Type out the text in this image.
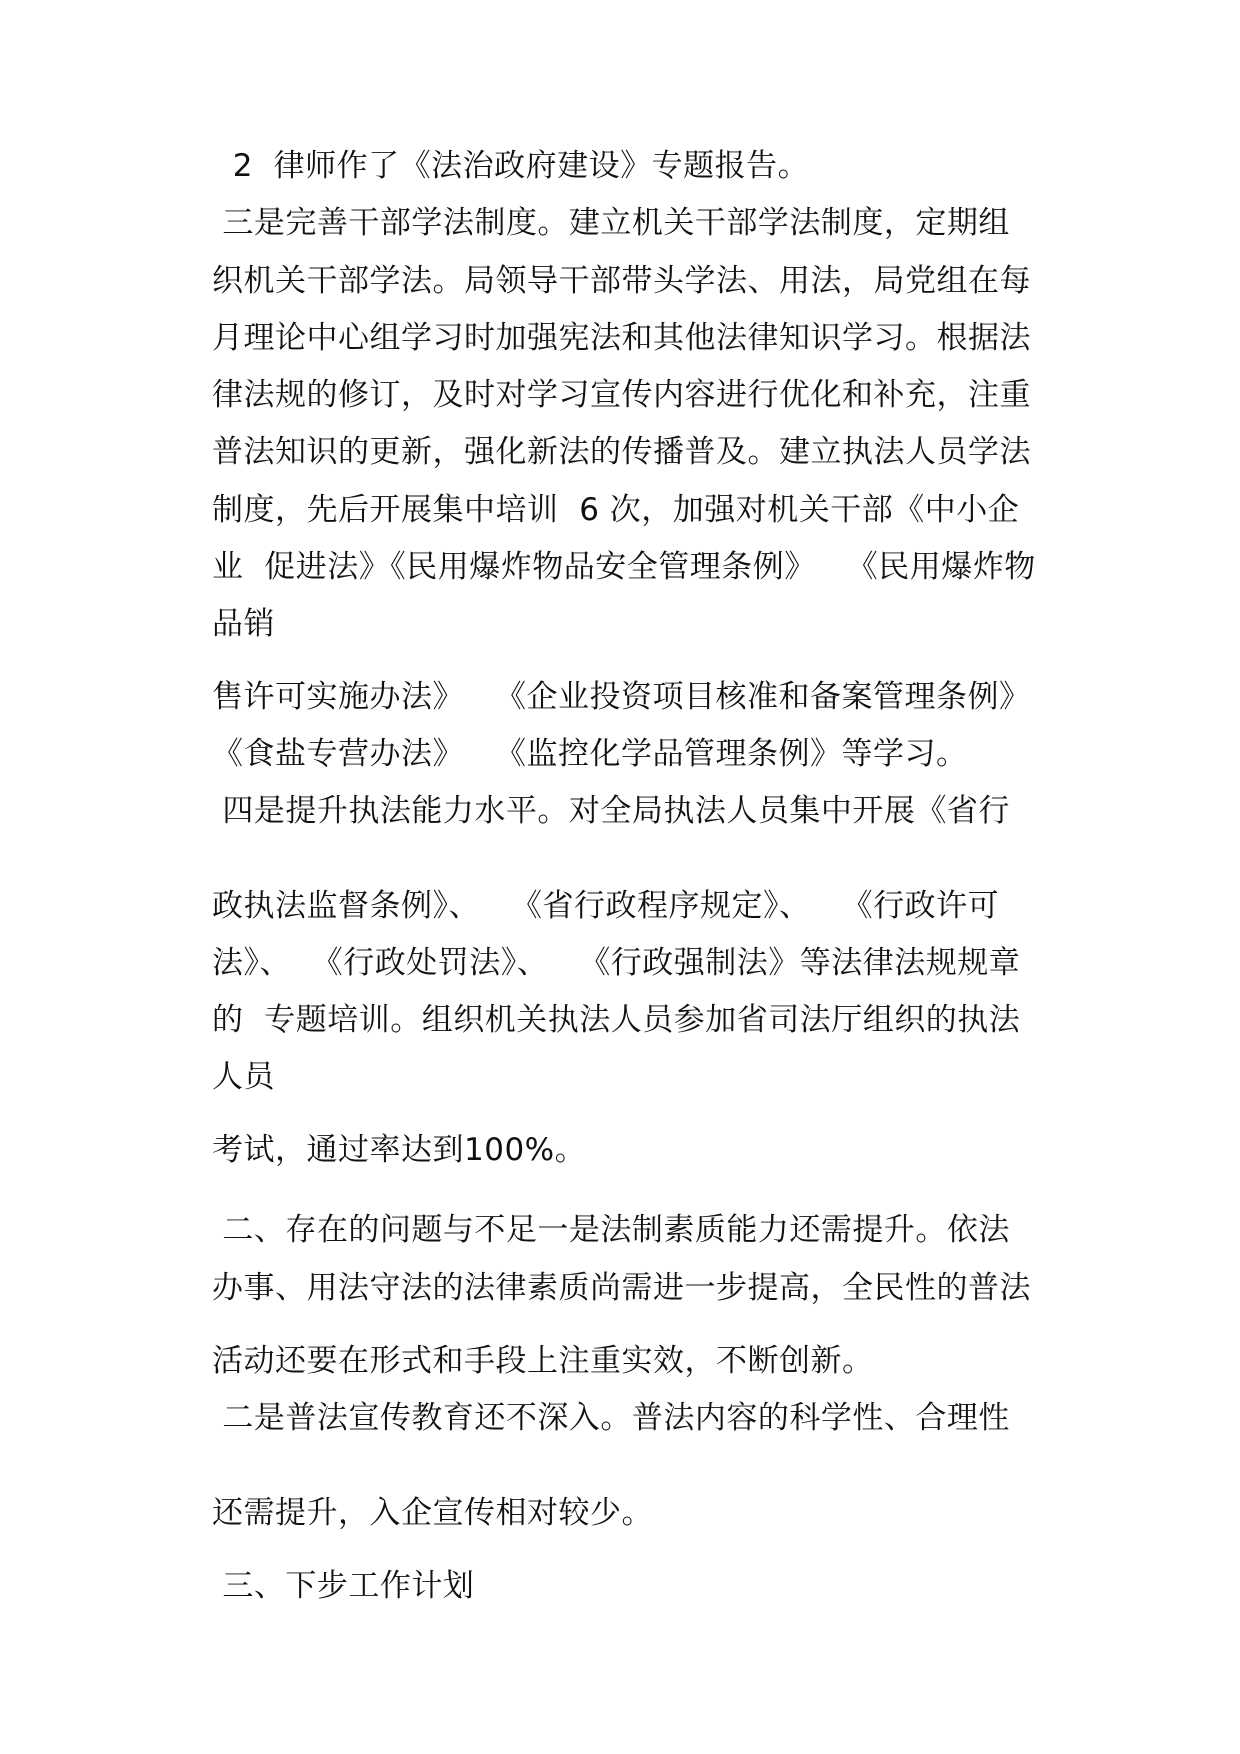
2  律师作了《法治政府建设》专题报告。

三是完善干部学法制度。建立机关干部学法制度，定期组

织机关干部学法。局领导干部带头学法、用法，局党组在每

月理论中心组学习时加强宪法和其他法律知识学习。根据法

律法规的修订，及时对学习宣传内容进行优化和补充，注重

普法知识的更新，强化新法的传播普及。建立执法人员学法

制度，先后开展集中培训  6 次，加强对机关干部《中小企

业  促进法》《民用爆炸物品安全管理条例》   《民用爆炸物

品销

售许可实施办法》   《企业投资项目核准和备案管理条例》

《食盐专营办法》   《监控化学品管理条例》等学习。

四是提升执法能力水平。对全局执法人员集中开展《省行

政执法监督条例》、   《省行政程序规定》、   《行政许可

法》、  《行政处罚法》、   《行政强制法》等法律法规规章

的  专题培训。组织机关执法人员参加省司法厅组织的执法

人员

考试，通过率达到100%。

二、存在的问题与不足一是法制素质能力还需提升。依法

办事、用法守法的法律素质尚需进一步提高，全民性的普法

活动还要在形式和手段上注重实效，不断创新。

二是普法宣传教育还不深入。普法内容的科学性、合理性

还需提升，入企宣传相对较少。

三、下步工作计划
